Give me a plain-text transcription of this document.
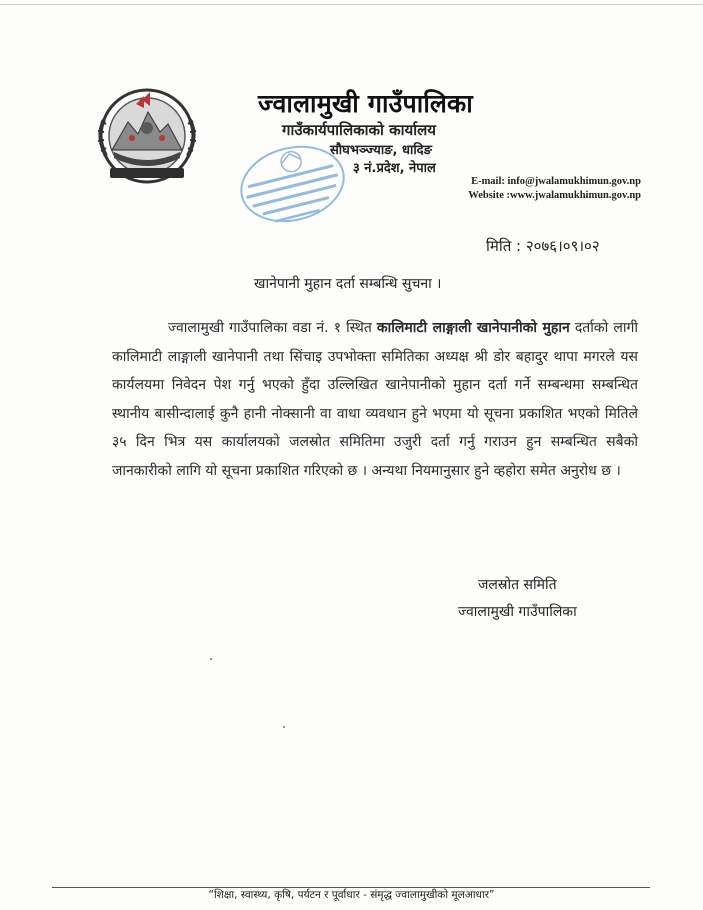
ज्वालामुखी गाउँपालिका
गाउँकार्यपालिकाको कार्यालय
सौघभञ्ज्याङ, धादिङ
३ नं.प्रदेश, नेपाल
E-mail: info@jwalamukhimun.gov.np
Website :www.jwalamukhimun.gov.np
मिति : २०७६।०९।०२
खानेपानी मुहान दर्ता सम्बन्धि सुचना ।
ज्वालामुखी गाउँपालिका वडा नं. १ स्थित कालिमाटी लाङ्गाली खानेपानीको मुहान दर्ताको लागी कालिमाटी लाङ्गाली खानेपानी तथा सिंचाइ उपभोक्ता समितिका अध्यक्ष श्री डोर बहादुर थापा मगरले यस कार्यलयमा निवेदन पेश गर्नु भएको हुँदा उल्लिखित खानेपानीको मुहान दर्ता गर्ने सम्बन्धमा सम्बन्धित स्थानीय बासीन्दालाई कुनै हानी नोक्सानी वा वाधा व्यवधान हुने भएमा यो सूचना प्रकाशित भएको मितिले ३५ दिन भित्र यस कार्यालयको जलस्रोत समितिमा उजुरी दर्ता गर्नु गराउन हुन सम्बन्धित सबैको जानकारीको लागि यो सूचना प्रकाशित गरिएको छ । अन्यथा नियमानुसार हुने व्हहोरा समेत अनुरोध छ ।
जलस्रोत समिति
ज्वालामुखी गाउँपालिका
“शिक्षा, स्वास्थ्य, कृषि, पर्यटन र पूर्वाधार - संमृद्ध ज्वालामुखीको मूलआधार”
